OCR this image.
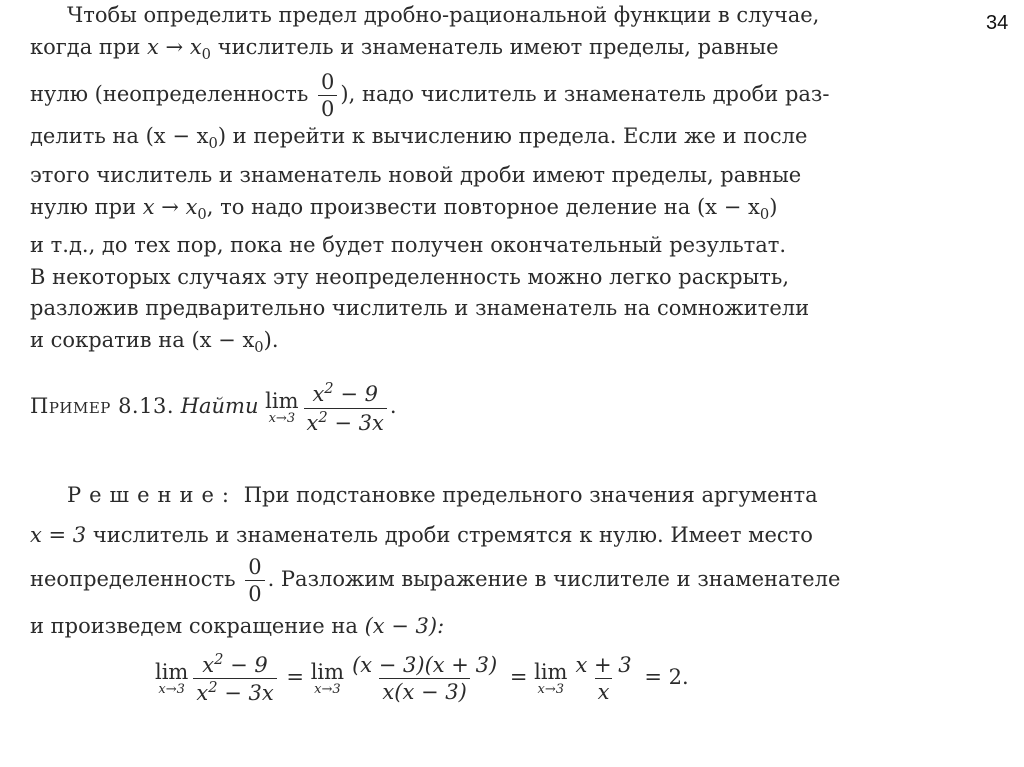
34

Чтобы определить предел дробно-рациональной функции в случае,
когда при $x \to x_0$ числитель и знаменатель имеют пределы, равные
нулю (неопределенность $\frac{0}{0}$ ), надо числитель и знаменатель дроби раз-
делить на $(x - x_0)$ и перейти к вычислению предела. Если же и после
этого числитель и знаменатель новой дроби имеют пределы, равные
нулю при $x \to x_0$, то надо произвести повторное деление на $(x - x_0)$
и т.д., до тех пор, пока не будет получен окончательный результат.
В некоторых случаях эту неопределенность можно легко раскрыть,
разложив предварительно числитель и знаменатель на сомножители
и сократив на $(x - x_0)$.

Пример 8.13. Найти lim
$x\to 3 \frac{x^2 - 9}{x^2 - 3x}$ .

Решение: При подстановке предельного значения аргумента
x = 3 числитель и знаменатель дроби стремятся к нулю. Имеет место
неопределенность $\frac{0}{0}$ . Разложим выражение в числителе и знаменателе
и произведем сокращение на (x − 3):

lim
$x\to 3 \frac{x^2 - 9}{x^2 - 3x} = \lim$
$x\to 3 \frac{(x - 3)(x + 3)}{x(x - 3)} = \lim$
$x\to 3 \frac{x + 3}{x} = 2$.
